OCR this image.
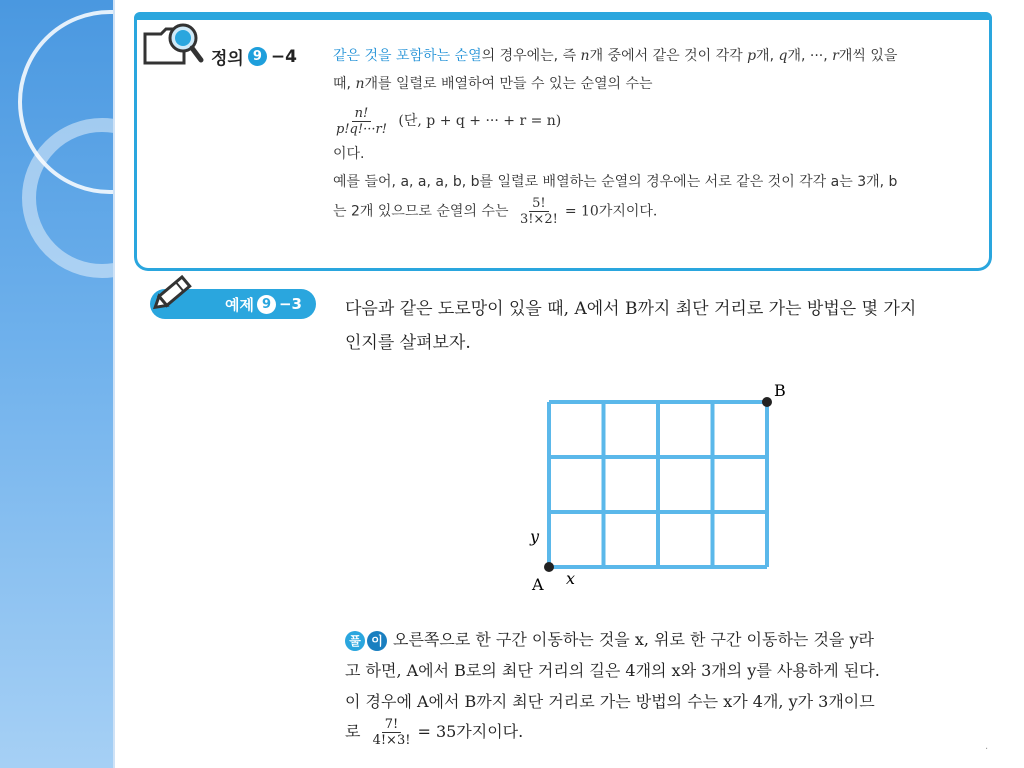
정의 9 −4	같은 것을 포함하는 순열의 경우에는, 즉 n개 중에서 같은 것이 각각 p개, q개, ···, r개씩 있을
때, n개를 일렬로 배열하여 만들 수 있는 순열의 수는
$\frac{n!}{p!q!\cdot\cdot\cdot r!}$ (단, p + q + ··· + r = n)
이다.
예를 들어, a, a, a, b, b를 일렬로 배열하는 순열의 경우에는 서로 같은 것이 각각 a는 3개, b
는 2개 있으므로 순열의 수는 $\frac{5!}{3!\times 2!} = 10$가지이다.
예제 9 −3	다음과 같은 도로망이 있을 때, A에서 B까지 최단 거리로 가는 방법은 몇 가지
인지를 살펴보자.
A
B
x
y
풀 이 오른쪽으로 한 구간 이동하는 것을 x, 위로 한 구간 이동하는 것을 y라
고 하면, A에서 B로의 최단 거리의 길은 4개의 x와 3개의 y를 사용하게 된다.
이 경우에 A에서 B까지 최단 거리로 가는 방법의 수는 x가 4개, y가 3개이므
로 $\frac{7!}{4!\times 3!} = 35$가지이다.
·
